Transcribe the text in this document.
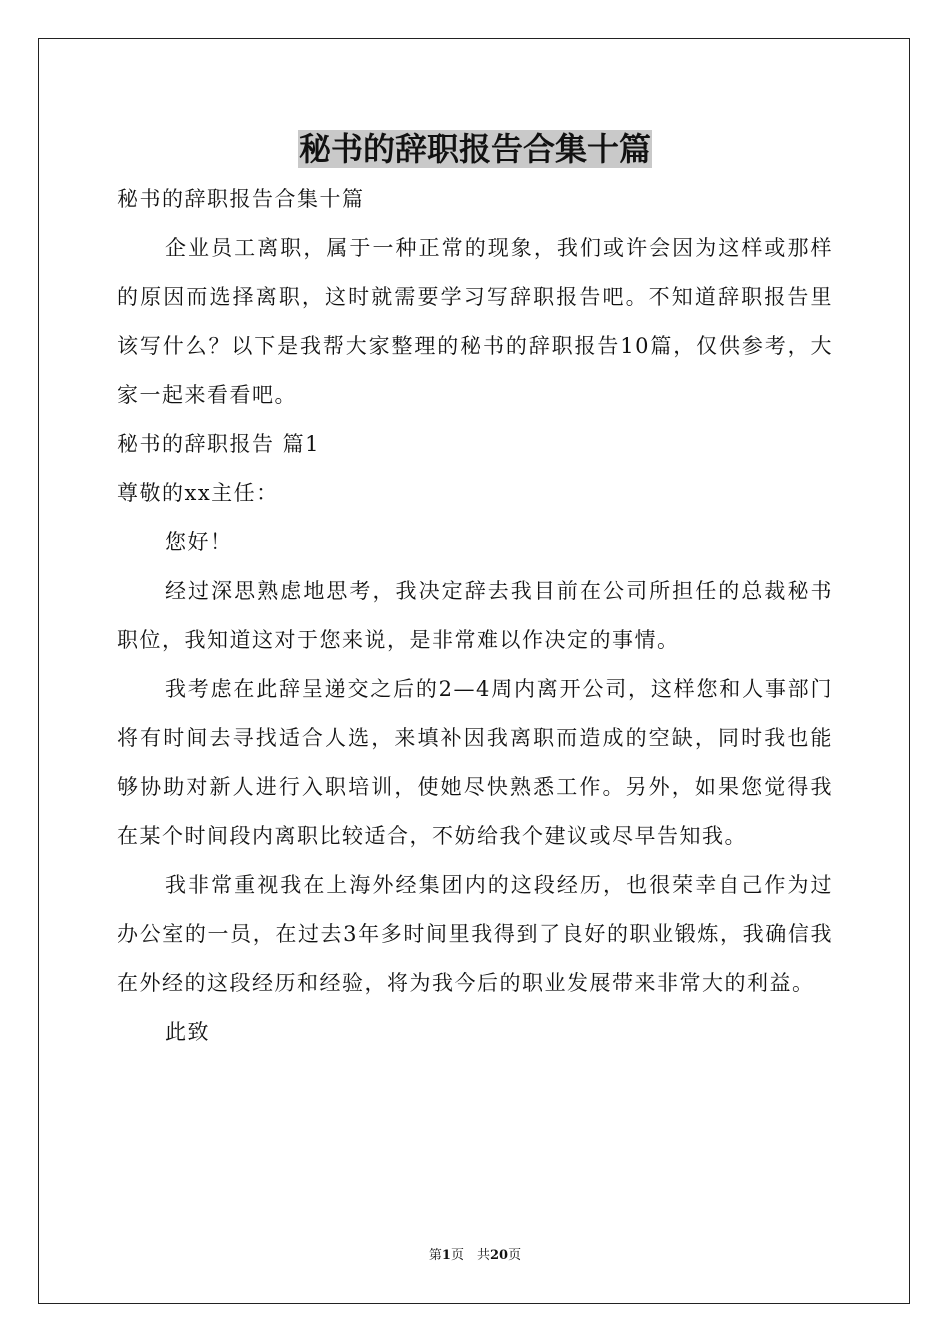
秘书的辞职报告合集十篇

秘书的辞职报告合集十篇

企业员工离职，属于一种正常的现象，我们或许会因为这样或那样的原因而选择离职，这时就需要学习写辞职报告吧。不知道辞职报告里该写什么？以下是我帮大家整理的秘书的辞职报告10篇，仅供参考，大家一起来看看吧。

秘书的辞职报告 篇1

尊敬的xx主任：

您好！

经过深思熟虑地思考，我决定辞去我目前在公司所担任的总裁秘书职位，我知道这对于您来说，是非常难以作决定的事情。

我考虑在此辞呈递交之后的2—4周内离开公司，这样您和人事部门将有时间去寻找适合人选，来填补因我离职而造成的空缺，同时我也能够协助对新人进行入职培训，使她尽快熟悉工作。另外，如果您觉得我在某个时间段内离职比较适合，不妨给我个建议或尽早告知我。

我非常重视我在上海外经集团内的这段经历，也很荣幸自己作为过办公室的一员，在过去3年多时间里我得到了良好的职业锻炼，我确信我在外经的这段经历和经验，将为我今后的职业发展带来非常大的利益。

此致

第1页　共20页
